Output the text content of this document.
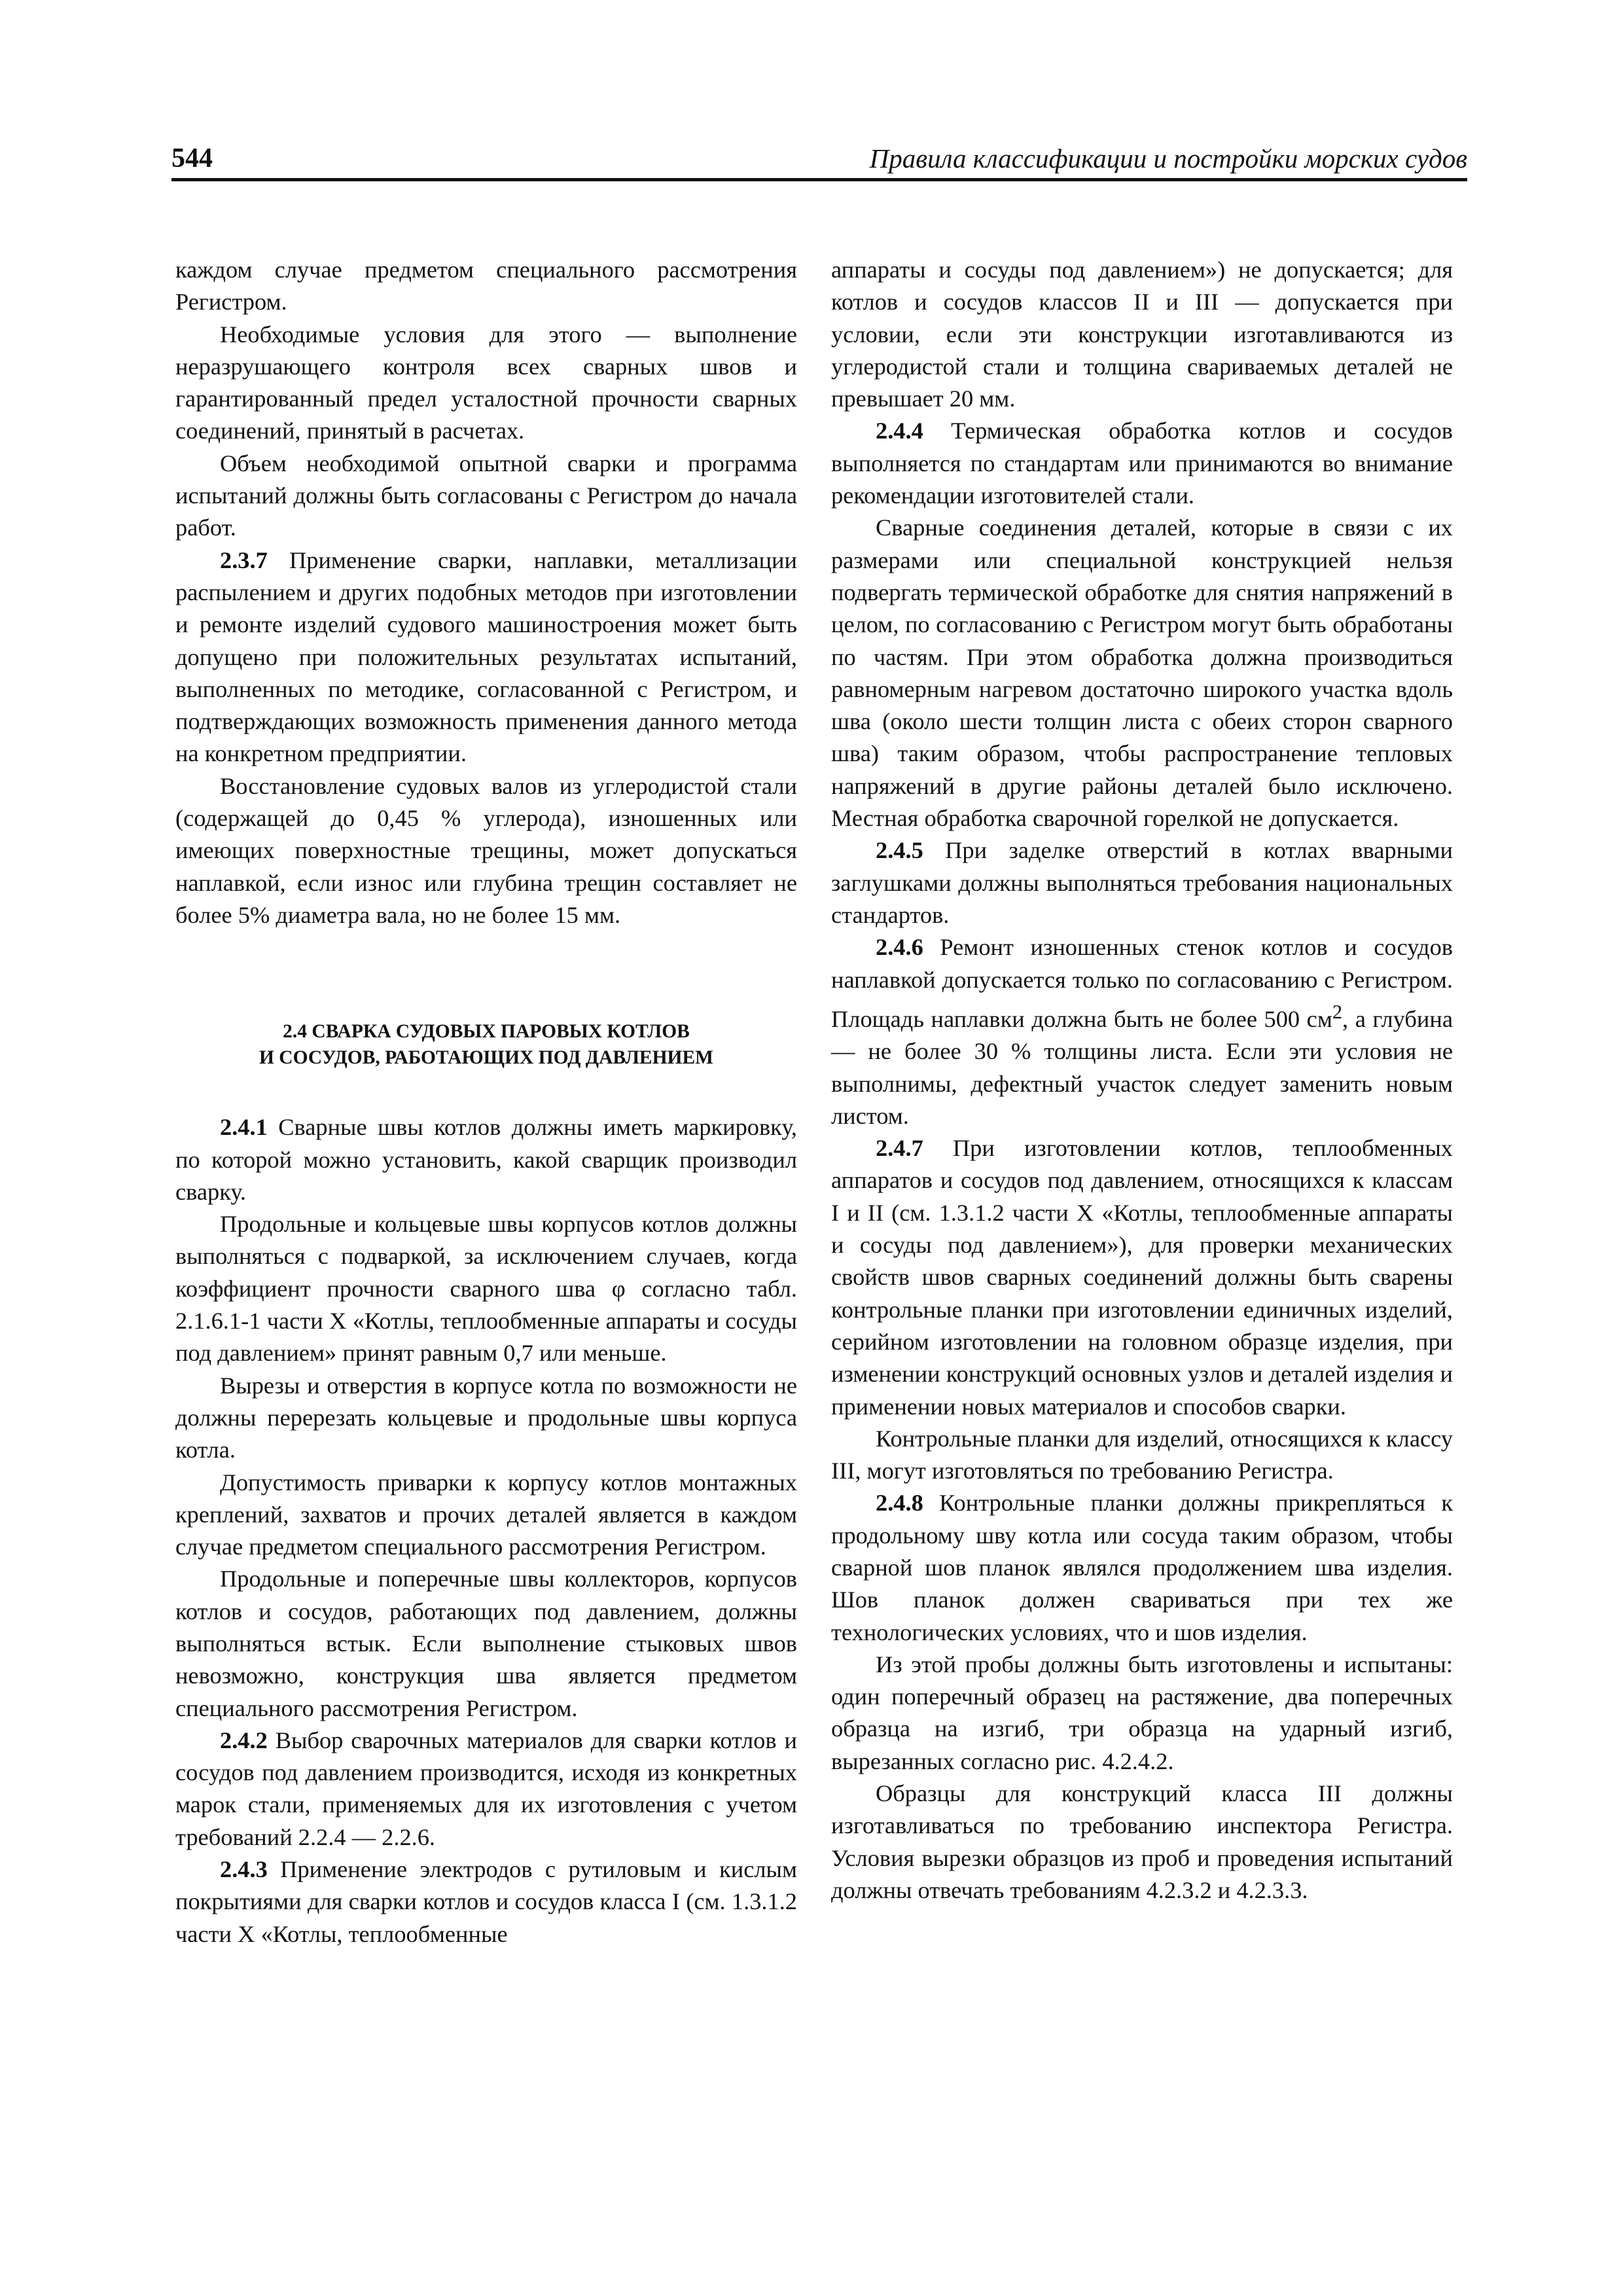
544	Правила классификации и постройки морских судов

каждом случае предметом специального рассмотрения Регистром.

Необходимые условия для этого — выполнение неразрушающего контроля всех сварных швов и гарантированный предел усталостной прочности сварных соединений, принятый в расчетах.

Объем необходимой опытной сварки и программа испытаний должны быть согласованы с Регистром до начала работ.

2.3.7 Применение сварки, наплавки, металлизации распылением и других подобных методов при изготовлении и ремонте изделий судового машиностроения может быть допущено при положительных результатах испытаний, выполненных по методике, согласованной с Регистром, и подтверждающих возможность применения данного метода на конкретном предприятии.

Восстановление судовых валов из углеродистой стали (содержащей до 0,45 % углерода), изношенных или имеющих поверхностные трещины, может допускаться наплавкой, если износ или глубина трещин составляет не более 5% диаметра вала, но не более 15 мм.

2.4 СВАРКА СУДОВЫХ ПАРОВЫХ КОТЛОВ
И СОСУДОВ, РАБОТАЮЩИХ ПОД ДАВЛЕНИЕМ

2.4.1 Сварные швы котлов должны иметь маркировку, по которой можно установить, какой сварщик производил сварку.

Продольные и кольцевые швы корпусов котлов должны выполняться с подваркой, за исключением случаев, когда коэффициент прочности сварного шва φ согласно табл. 2.1.6.1-1 части X «Котлы, теплообменные аппараты и сосуды под давлением» принят равным 0,7 или меньше.

Вырезы и отверстия в корпусе котла по возможности не должны перерезать кольцевые и продольные швы корпуса котла.

Допустимость приварки к корпусу котлов монтажных креплений, захватов и прочих деталей является в каждом случае предметом специального рассмотрения Регистром.

Продольные и поперечные швы коллекторов, корпусов котлов и сосудов, работающих под давлением, должны выполняться встык. Если выполнение стыковых швов невозможно, конструкция шва является предметом специального рассмотрения Регистром.

2.4.2 Выбор сварочных материалов для сварки котлов и сосудов под давлением производится, исходя из конкретных марок стали, применяемых для их изготовления с учетом требований 2.2.4 — 2.2.6.

2.4.3 Применение электродов с рутиловым и кислым покрытиями для сварки котлов и сосудов класса I (см. 1.3.1.2 части X «Котлы, теплообменные

аппараты и сосуды под давлением») не допускается; для котлов и сосудов классов II и III — допускается при условии, если эти конструкции изготавливаются из углеродистой стали и толщина свариваемых деталей не превышает 20 мм.

2.4.4 Термическая обработка котлов и сосудов выполняется по стандартам или принимаются во внимание рекомендации изготовителей стали.

Сварные соединения деталей, которые в связи с их размерами или специальной конструкцией нельзя подвергать термической обработке для снятия напряжений в целом, по согласованию с Регистром могут быть обработаны по частям. При этом обработка должна производиться равномерным нагревом достаточно широкого участка вдоль шва (около шести толщин листа с обеих сторон сварного шва) таким образом, чтобы распространение тепловых напряжений в другие районы деталей было исключено. Местная обработка сварочной горелкой не допускается.

2.4.5 При заделке отверстий в котлах вварными заглушками должны выполняться требования национальных стандартов.

2.4.6 Ремонт изношенных стенок котлов и сосудов наплавкой допускается только по согласованию с Регистром. Площадь наплавки должна быть не более 500 $см^2$, а глубина — не более 30 % толщины листа. Если эти условия не выполнимы, дефектный участок следует заменить новым листом.

2.4.7 При изготовлении котлов, теплообменных аппаратов и сосудов под давлением, относящихся к классам I и II (см. 1.3.1.2 части X «Котлы, теплообменные аппараты и сосуды под давлением»), для проверки механических свойств швов сварных соединений должны быть сварены контрольные планки при изготовлении единичных изделий, серийном изготовлении на головном образце изделия, при изменении конструкций основных узлов и деталей изделия и применении новых материалов и способов сварки.

Контрольные планки для изделий, относящихся к классу III, могут изготовляться по требованию Регистра.

2.4.8 Контрольные планки должны прикрепляться к продольному шву котла или сосуда таким образом, чтобы сварной шов планок являлся продолжением шва изделия. Шов планок должен свариваться при тех же технологических условиях, что и шов изделия.

Из этой пробы должны быть изготовлены и испытаны: один поперечный образец на растяжение, два поперечных образца на изгиб, три образца на ударный изгиб, вырезанных согласно рис. 4.2.4.2.

Образцы для конструкций класса III должны изготавливаться по требованию инспектора Регистра. Условия вырезки образцов из проб и проведения испытаний должны отвечать требованиям 4.2.3.2 и 4.2.3.3.
